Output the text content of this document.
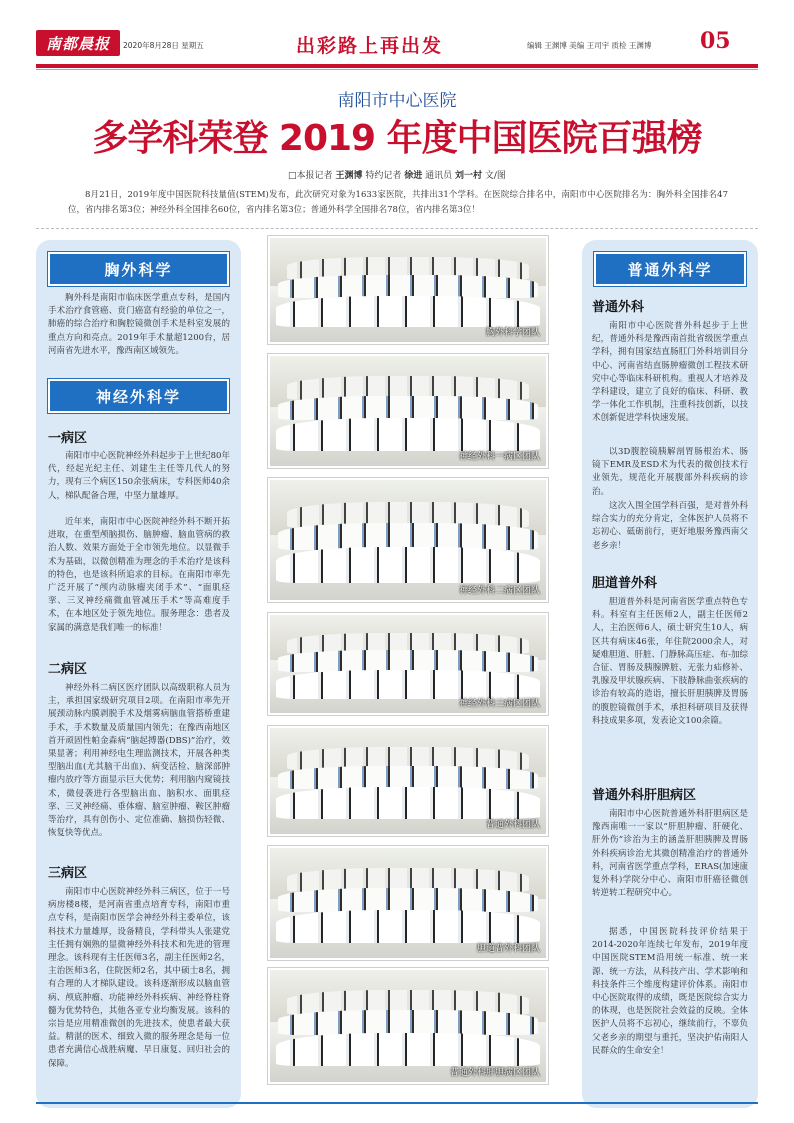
南都晨报 2020年8月28日 星期五	出彩路上再出发	编辑 王渊博 美编 王司宇 质检 王渊博 05
南阳市中心医院
多学科荣登 2019 年度中国医院百强榜
□本报记者 王渊博 特约记者 徐进 通讯员 刘一村 文/图
8月21日，2019年度中国医院科技量值(STEM)发布，此次研究对象为1633家医院，共排出31个学科。在医院综合排名中，南阳市中心医院排名为：胸外科全国排名47位，省内排名第3位；神经外科全国排名60位，省内排名第3位；普通外科学全国排名78位，省内排名第3位！
胸外科学
胸外科是南阳市临床医学重点专科，是国内手术治疗食管癌、贲门癌富有经验的单位之一，肺癌的综合治疗和胸腔镜微创手术是科室发展的重点方向和亮点。2019年手术量超1200台，居河南省先进水平，豫西南区域领先。
神经外科学
一病区
南阳市中心医院神经外科起步于上世纪80年代，经起光纪主任、刘建生主任等几代人的努力，现有三个病区150余张病床，专科医师40余人，梯队配备合理，中坚力量雄厚。
近年来，南阳市中心医院神经外科不断开拓进取，在重型颅脑损伤、脑肿瘤、脑血管病的救治人数、效果方面处于全市领先地位。以显微手术为基础，以微创精准为理念的手术治疗是该科的特色，也是该科所追求的目标。在南阳市率先广泛开展了“颅内动脉瘤夹闭手术”、“面肌痉挛、三叉神经痛微血管减压手术”等高难度手术，在本地区处于领先地位。服务理念：患者及家属的满意是我们唯一的标准！
二病区
神经外科二病区医疗团队以高级职称人员为主，承担国家级研究项目2项。在南阳市率先开展颈动脉内膜剥脱手术及烟雾病脑血管搭桥重建手术，手术数量及质量国内领先；在豫西南地区首开顽固性帕金森病“脑起搏器(DBS)”治疗，效果显著；利用神经电生理监测技术，开展各种类型脑出血(尤其脑干出血)、病变活检、脑深部肿瘤内放疗等方面显示巨大优势；利用脑内窥镜技术，微侵袭进行各型脑出血、脑积水、面肌痉挛、三叉神经痛、垂体瘤、脑室肿瘤、鞍区肿瘤等治疗，具有创伤小、定位准确、脑损伤轻微、恢复快等优点。
三病区
南阳市中心医院神经外科三病区，位于一号病房楼8楼，是河南省重点培育专科，南阳市重点专科，是南阳市医学会神经外科主委单位，该科技术力量雄厚，设备精良，学科带头人张建党主任拥有娴熟的显微神经外科技术和先进的管理理念。该科现有主任医师3名，副主任医师2名，主治医师3名，住院医师2名，其中硕士8名，拥有合理的人才梯队建设。该科逐渐形成以脑血管病、颅底肿瘤、功能神经外科疾病、神经脊柱脊髓为优势特色，其他各亚专业均衡发展。该科的宗旨是应用精准微创的先进技术，使患者最大获益。精湛的医术、细致入微的服务理念是每一位患者充满信心战胜病魔、早日康复、回归社会的保障。
胸外科学团队
神经外科一病区团队
神经外科二病区团队
神经外科三病区团队
普通外科团队
胆道普外科团队
普通外科肝胆病区团队
普通外科学
普通外科
南阳市中心医院普外科起步于上世纪，普通外科是豫西南首批省级医学重点学科，拥有国家结直肠肛门外科培训目分中心、河南省结直肠肿瘤微创工程技术研究中心等临床科研机构。重视人才培养及学科建设，建立了良好的临床、科研、教学一体化工作机制，注重科技创新，以技术创新促进学科快速发展。
以3D腹腔镜胰解剖胃肠根治术、肠镜下EMR及ESD术为代表的微创技术行业领先，规范化开展腹部外科疾病的诊治。
这次入围全国学科百强，是对普外科综合实力的充分肯定，全体医护人员将不忘初心、砥砺前行，更好地服务豫西南父老乡亲！
胆道普外科
胆道普外科是河南省医学重点特色专科。科室有主任医师2人，副主任医师2人，主治医师6人，硕士研究生10人，病区共有病床46张，年住院2000余人，对疑难胆道、肝脏、门静脉高压症、布-加综合征、胃肠及胰腺脾脏、无张力疝修补、乳腺及甲状腺疾病、下肢静脉曲张疾病的诊治有较高的造诣，擅长肝胆胰脾及胃肠的腹腔镜微创手术，承担科研项目及获得科技成果多项，发表论文100余篇。
普通外科肝胆病区
南阳市中心医院普通外科肝胆病区是豫西南唯一一家以“肝胆肿瘤、肝硬化、肝外伤”诊治为主的涵盖肝胆胰脾及胃肠外科疾病诊治尤其微创精准治疗的普通外科，河南省医学重点学科，ERAS(加速康复外科)学院分中心、南阳市肝癌径微创转逆转工程研究中心。
据悉，中国医院科技评价结果于2014-2020年连续七年发布，2019年度中国医院STEM沿用统一标准、统一来源、统一方法，从科技产出、学术影响和科技条件三个维度构建评价体系。南阳市中心医院取得的成绩，既是医院综合实力的体现，也是医院社会效益的反映。全体医护人员将不忘初心，继续前行，不辜负父老乡亲的期望与重托，坚决护佑南阳人民群众的生命安全！
